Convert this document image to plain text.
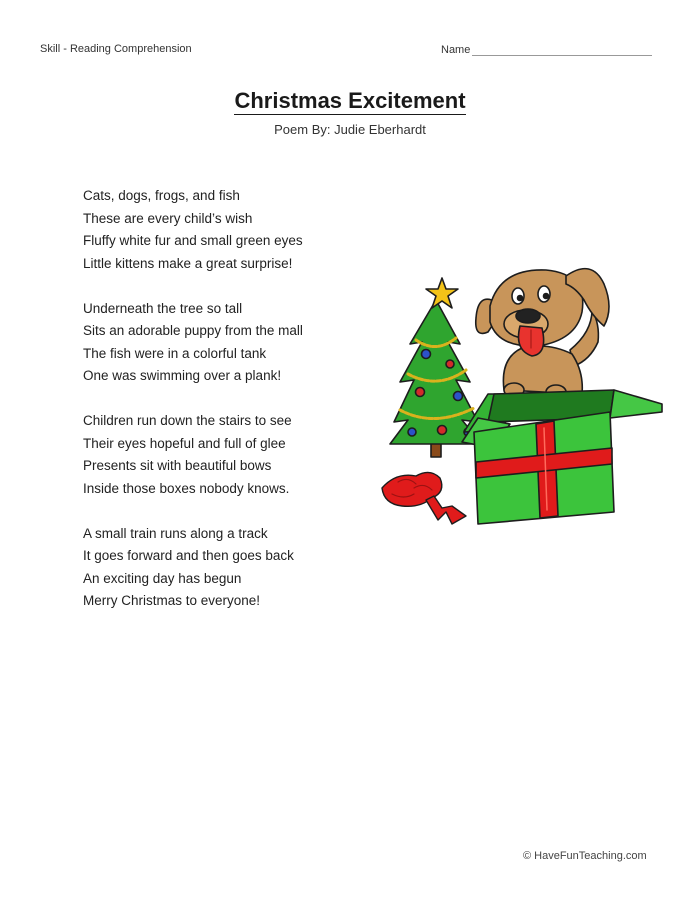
Skill - Reading Comprehension	Name
Christmas Excitement
Poem By: Judie Eberhardt
Cats, dogs, frogs, and fish
These are every child’s wish
Fluffy white fur and small green eyes
Little kittens make a great surprise!
Underneath the tree so tall
Sits an adorable puppy from the mall
The fish were in a colorful tank
One was swimming over a plank!
Children run down the stairs to see
Their eyes hopeful and full of glee
Presents sit with beautiful bows
Inside those boxes nobody knows.
A small train runs along a track
It goes forward and then goes back
An exciting day has begun
Merry Christmas to everyone!
© HaveFunTeaching.com
